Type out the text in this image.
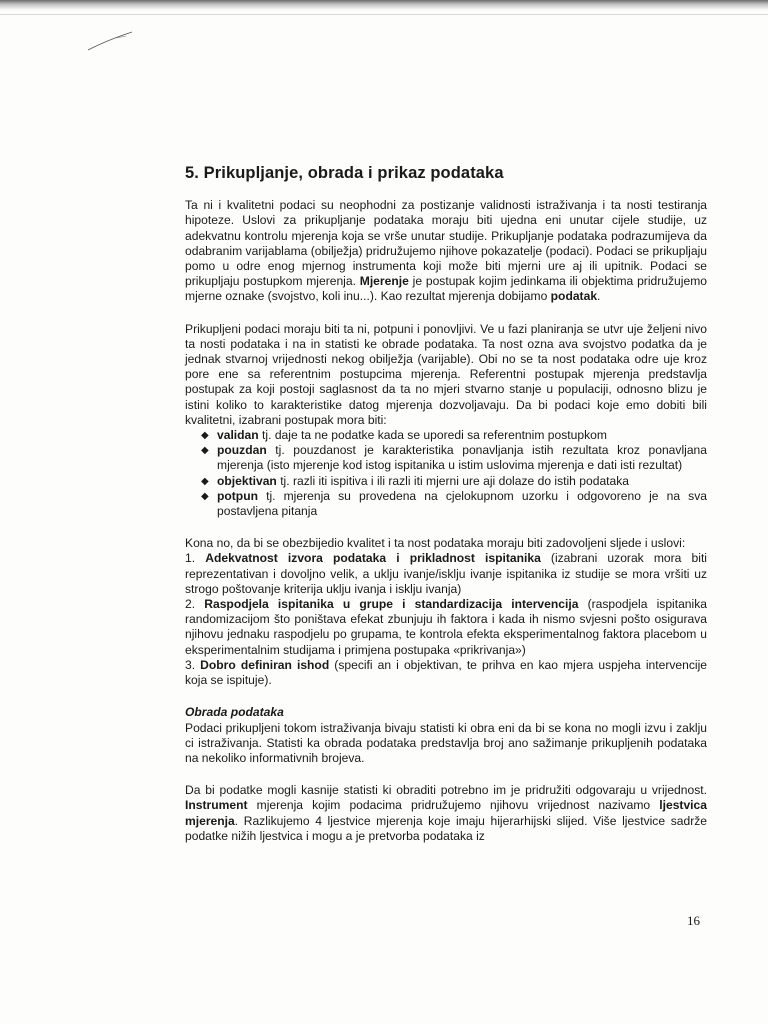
5. Prikupljanje, obrada i prikaz podataka

Ta ni i kvalitetni podaci su neophodni za postizanje validnosti istraživanja i ta nosti testiranja hipoteze. Uslovi za prikupljanje podataka moraju biti ujedna eni unutar cijele studije, uz adekvatnu kontrolu mjerenja koja se vrše unutar studije. Prikupljanje podataka podrazumijeva da odabranim varijablama (obilježja) pridružujemo njihove pokazatelje (podaci). Podaci se prikupljaju pomo u odre enog mjernog instrumenta koji može biti mjerni ure aj ili upitnik. Podaci se prikupljaju postupkom mjerenja. Mjerenje je postupak kojim jedinkama ili objektima pridružujemo mjerne oznake (svojstvo, koli inu...). Kao rezultat mjerenja dobijamo podatak.

Prikupljeni podaci moraju biti ta ni, potpuni i ponovljivi. Ve u fazi planiranja se utvr uje željeni nivo ta nosti podataka i na in statisti ke obrade podataka. Ta nost ozna ava svojstvo podatka da je jednak stvarnoj vrijednosti nekog obilježja (varijable). Obi no se ta nost podataka odre uje kroz pore ene sa referentnim postupcima mjerenja. Referentni postupak mjerenja predstavlja postupak za koji postoji saglasnost da ta no mjeri stvarno stanje u populaciji, odnosno blizu je istini koliko to karakteristike datog mjerenja dozvoljavaju. Da bi podaci koje emo dobiti bili kvalitetni, izabrani postupak mora biti:

◆ validan tj. daje ta ne podatke kada se uporedi sa referentnim postupkom
◆ pouzdan tj. pouzdanost je karakteristika ponavljanja istih rezultata kroz ponavljana mjerenja (isto mjerenje kod istog ispitanika u istim uslovima mjerenja e dati isti rezultat)
◆ objektivan tj. razli iti ispitiva i ili razli iti mjerni ure aji dolaze do istih podataka
◆ potpun tj. mjerenja su provedena na cjelokupnom uzorku i odgovoreno je na sva postavljena pitanja

Kona no, da bi se obezbijedio kvalitet i ta nost podataka moraju biti zadovoljeni sljede i uslovi:

1. Adekvatnost izvora podataka i prikladnost ispitanika (izabrani uzorak mora biti reprezentativan i dovoljno velik, a uklju ivanje/isklju ivanje ispitanika iz studije se mora vršiti uz strogo poštovanje kriterija uklju ivanja i isklju ivanja)
2. Raspodjela ispitanika u grupe i standardizacija intervencija (raspodjela ispitanika randomizacijom što poništava efekat zbunjuju ih faktora i kada ih nismo svjesni pošto osigurava njihovu jednaku raspodjelu po grupama, te kontrola efekta eksperimentalnog faktora placebom u eksperimentalnim studijama i primjena postupaka «prikrivanja»)
3. Dobro definiran ishod (specifi an i objektivan, te prihva en kao mjera uspjeha intervencije koja se ispituje).
Obrada podataka

Podaci prikupljeni tokom istraživanja bivaju statisti ki obra eni da bi se kona no mogli izvu i zaklju ci istraživanja. Statisti ka obrada podataka predstavlja broj ano sažimanje prikupljenih podataka na nekoliko informativnih brojeva.

Da bi podatke mogli kasnije statisti ki obraditi potrebno im je pridružiti odgovaraju u vrijednost. Instrument mjerenja kojim podacima pridružujemo njihovu vrijednost nazivamo ljestvica mjerenja. Razlikujemo 4 ljestvice mjerenja koje imaju hijerarhijski slijed. Više ljestvice sadrže podatke nižih ljestvica i mogu a je pretvorba podataka iz

16
